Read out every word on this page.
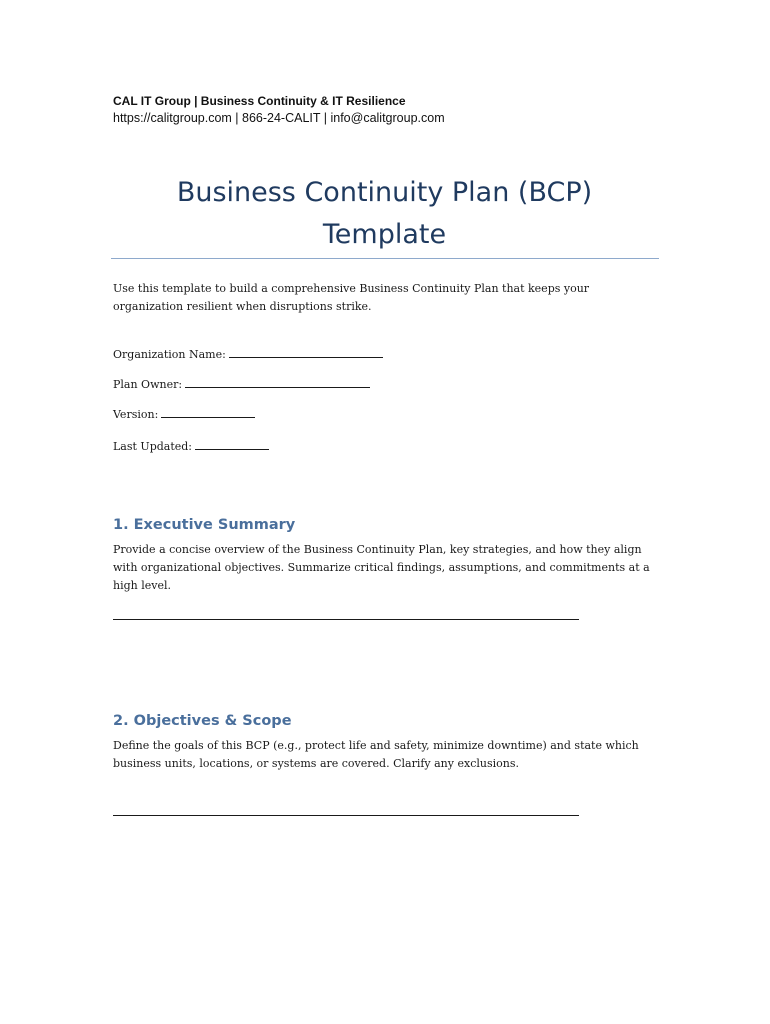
CAL IT Group | Business Continuity & IT Resilience
https://calitgroup.com | 866-24-CALIT | info@calitgroup.com
Business Continuity Plan (BCP)
Template
Use this template to build a comprehensive Business Continuity Plan that keeps your organization resilient when disruptions strike.
Organization Name:
Plan Owner:
Version:
Last Updated:
1. Executive Summary
Provide a concise overview of the Business Continuity Plan, key strategies, and how they align with organizational objectives. Summarize critical findings, assumptions, and commitments at a high level.
2. Objectives & Scope
Define the goals of this BCP (e.g., protect life and safety, minimize downtime) and state which business units, locations, or systems are covered. Clarify any exclusions.
